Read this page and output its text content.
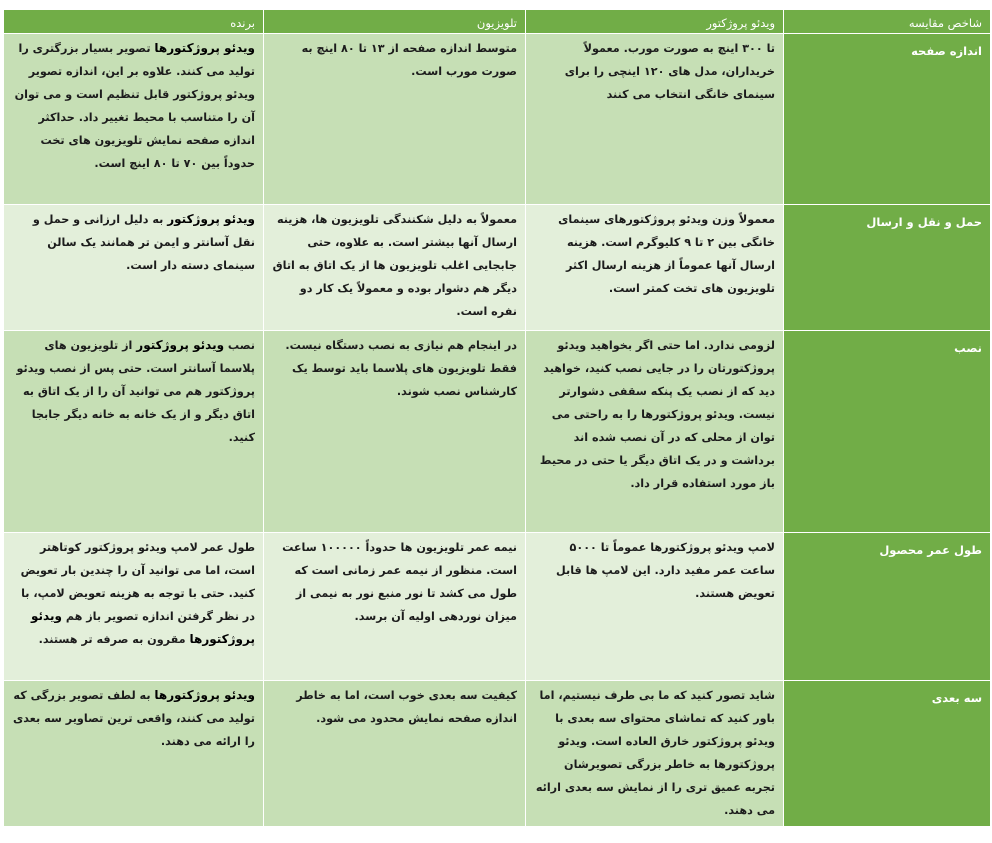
شاخص مقایسه	ویدئو پروژکتور	تلویزیون	برنده
اندازه صفحه	تا ۳۰۰ اینچ به صورت مورب. معمولاً خریداران، مدل های ۱۲۰ اینچی را برای سینمای خانگی انتخاب می کنند	متوسط اندازه صفحه از ۱۳ تا ۸۰ اینچ به صورت مورب است.	ویدئو پروژکتورها تصویر بسیار بزرگتری را تولید می کنند. علاوه بر این، اندازه تصویر ویدئو پروژکتور قابل تنظیم است و می توان آن را متناسب با محیط تغییر داد. حداکثر اندازه صفحه نمایش تلویزیون های تخت حدوداً بین ۷۰ تا ۸۰ اینچ است.
حمل و نقل و ارسال	معمولاً وزن ویدئو پروژکتورهای سینمای خانگی بین ۲ تا ۹ کلیوگرم است. هزینه ارسال آنها عموماً از هزینه ارسال اکثر تلویزیون های تخت کمتر است.	معمولاً به دلیل شکنندگی تلویزیون ها، هزینه ارسال آنها بیشتر است. به علاوه، حتی جابجایی اغلب تلویزیون ها از یک اتاق به اتاق دیگر هم دشوار بوده و معمولاً یک کار دو نفره است.	ویدئو پروژکتور به دلیل ارزانی و حمل و نقل آسانتر و ایمن تر همانند یک سالن سینمای دسته دار است.
نصب	لزومی ندارد. اما حتی اگر بخواهید ویدئو پروژکتورتان را در جایی نصب کنید، خواهید دید که از نصب یک پنکه سقفی دشوارتر نیست. ویدئو پروژکتورها را به راحتی می توان از محلی که در آن نصب شده اند برداشت و در یک اتاق دیگر یا حتی در محیط باز مورد استفاده قرار داد.	در اینجام هم نیازی به نصب دستگاه نیست. فقط تلویزیون های پلاسما باید توسط یک کارشناس نصب شوند.	نصب ویدئو پروژکتور از تلویزیون های پلاسما آسانتر است. حتی پس از نصب ویدئو پروژکتور هم می توانید آن را از یک اتاق به اتاق دیگر و از یک خانه به خانه دیگر جابجا کنید.
طول عمر محصول	لامپ ویدئو پروژکتورها عموماً تا ۵۰۰۰ ساعت عمر مفید دارد. این لامپ ها قابل تعویض هستند.	نیمه عمر تلویزیون ها حدوداً ۱۰۰۰۰۰ ساعت است. منظور از نیمه عمر زمانی است که طول می کشد تا نور منبع نور به نیمی از میزان نوردهی اولیه آن برسد.	طول عمر لامپ ویدئو پروژکتور کوتاهتر است، اما می توانید آن را چندین بار تعویض کنید. حتی با توجه به هزینه تعویض لامپ، با در نظر گرفتن اندازه تصویر باز هم ویدئو پروژکتورها مقرون به صرفه تر هستند.
سه بعدی	شاید تصور کنید که ما بی طرف نیستیم، اما باور کنید که تماشای محتوای سه بعدی با ویدئو پروژکتور خارق العاده است. ویدئو پروژکتورها به خاطر بزرگی تصویرشان تجربه عمیق تری را از نمایش سه بعدی ارائه می دهند.	کیفیت سه بعدی خوب است، اما به خاطر اندازه صفحه نمایش محدود می شود.	ویدئو پروژکتورها به لطف تصویر بزرگی که تولید می کنند، واقعی ترین تصاویر سه بعدی را ارائه می دهند.
